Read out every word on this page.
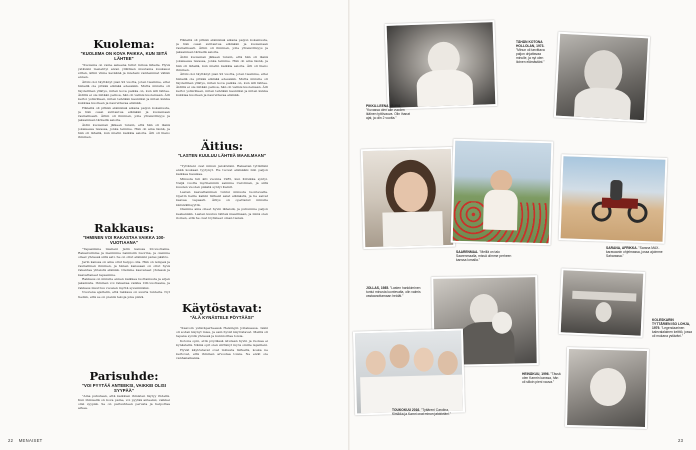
Kuolema:
"KUOLEMA ON KOVA PAIKKA, KUN SIITÄ LÄHTEE"

"Kuolema on vaine askeena tullut minua lähelle. Hyvä ystäväni menehtyi aivan yllättäen muutama kuukausi sitten, äitini viime keväänä ja mieheni vanhemmat vähän ennen.

Äitini oloi täyttänyt pian 92 vuotta, joten tiesinme, ettei hänellä ole pitkää elämää edessään. Mutta minulle oli täydellinen yllätys, miten kova paikka on, kun äiti lähtee. Äidillä ei ole mitään pelkoa, hän oli valmis kuolemaan. Äiti kertoi ystävilleen, miten tehdään kauniiksi ja miten kukka kukkiaa kuolleen ja naurettavaa elämää.

Hänellä oli pitkän elämänsä aikana paljon kokemusta, ja hän osasi suhtautua elämään ja kuolemaan rauhallisesti. Äitini oli ihminen, jolle yhteisöllisyys ja jaksamisen tärkeitä asioita.

Äidin kuoleman jälkeen tunsin, että hän oli läsnä jokaisessa tavassa, jonka teimme. Hän oli aina läsnä, ja hän oli lähellä, kun mietin kaikkia asioita. Äiti oli hieno ihminen.

Rakkaus:
"IHMINEN VOI RAKASTAA VAIKKA 100-VUOTIAANA"

"Tapasimme mieheni Jarin kanssa 20-vuotiaina. Rakastuimme ja menimme naimisiin nuorina, ja olemme olleet yhdessä siitä asti. Se on ollut elämäni paras päätös.

Jarin kanssa on aina ollut helppo olla. Hän on lempeä ja rauhallinen ihminen, ja hänen kanssaan on ollut hyvä rakentaa yhteistä elämää. Olemme kasvaneet yhdessä ja kasvattaneet lapsemme.

Rakkaus on minulle ennen kaikkea luottamusta ja arjen jakamista. Ihminen voi rakastaa vaikka 100-vuotiaana, ja rakkaus muuttuu vuosien myötä syvemmäksi.

Nuorena ajattelin, että rakkaus on suuria tunteita. Nyt tiedän, että se on pieniä tekoja joka päivä.

Parisuhde:
"VOI PYYTÄÄ ANTEEKSI, VAIKKEI OLISI SYYPÄÄ"

"Aina puhutaan, että kaikkien ihmisten täytyy riidellä. Kun ihmisellä on kova paine, voi pyytää anteeksi, vaikkei olisi syypää. Se on parisuhteen perusta ja helpottaa arkea.

Hänellä oli pitkän elämänsä aikana paljon kokemusta, ja hän osasi suhtautua elämään ja kuolemaan rauhallisesti. Äitini oli ihminen, jolle yhteisöllisyys ja jaksamisen tärkeitä asioita.

Äidin kuoleman jälkeen tunsin, että hän oli läsnä jokaisessa tavassa, jonka teimme. Hän oli aina läsnä, ja hän oli lähellä, kun mietin kaikkia asioita. Äiti oli hieno ihminen.

Äitini oloi täyttänyt pian 92 vuotta, joten tiesinme, ettei hänellä ole pitkää elämää edessään. Mutta minulle oli täydellinen yllätys, miten kova paikka on, kun äiti lähtee. Äidillä ei ole mitään pelkoa, hän oli valmis kuolemaan. Äiti kertoi ystävilleen, miten tehdään kauniiksi ja miten kukka kukkiaa kuolleen ja naurettavaa elämää.

Äitius:
"LASTEN KUULUU LÄHTEÄ MAAILMAAN"

"Tyttäreni ovat minun jalokiviäni. Rakastan tyttäriäni enkä koskaan tyytynyt. He tuovat elämääni niin paljon kaikkea hauskaa.

Minusta tuli äiti vuonna 1985, kun Kirsikka syntyi. Neljä vuotta myöhemmin saimme Carolinan, ja siitä kuuden vuoden päästä syntyi Kamri.

Lasten kasvattaminen tuntui minusta luontevalta. Opetin heille kaikki tärkeät asiat elämästä, ja he saivat kasvaa vapaasti. Äitiys on opettanut minulle kärsivällisyyttä.

Olemme aina olleet hyvin läheisiä, ja puhumme paljon keskenään. Lasten kuuluu lähteä maailmaan, ja minä olen iloinen, että he ovat löytäneet oman tiensä.

Käytöstavat:
"ÄLÄ KYNÄSTELE PÖYTÄÄSI"

"Kasvoin ystäväperheessä Helsingin Jollaksessa. Isäni oli sodan käynyt mies, ja sain hyvät käytöstavat. Meillä oli tapana syödä yhdessä ja kunnioittaa toisia.

Kotona opin, että pöydässä istutaan hyvin ja ruokaa ei kynästellä. Nämä opit olen siirtänyt myös omille lapsilleni.

Hyvät käytöstavat ovat minusta tärkeitä, koska ne kertovat, että ihminen arvostaa toisia. Ne eivät ole vanhanaikaisia.

PIKKU-LEENA VAUVA. "Kuvassa olen alle vuoden ikäinen tyttövauva. Olin ihanat ajat, ja olin 2 vuotta."
TÄHÄN KOTONA HOLLOLAN, 1973. "Minun oli tarvittava paljon ohjattavaa minulle, ja nyt olen iloinen elämästäni."
SAARENMAA. "Meillä on talo Saarenmaalla, missä olimme perheen kanssa lomalla."
SARANA, AFRIKKA. "Sarana MAX-karavaanin ohjelmassa, jossa ajoimme Saharassa."
JOLLAS, 1985. "Lasten hankkiminen tuntui minusta luontevalta, olin valmis vastaanottamaan heidät."
KOLESKARIN TYTTÄRIEN ISO LOHJA, 1979. "Legendaarinen kalevalalainen keittiö, jossa oli mukana ystäväni."
TOUKOKUU 2016. "Tyttäreni Carolina, Kirsikka ja Kamri ovat minun jalokiviäni."
HEINÄKUU, 1996. "Tässä olen Kamrin kanssa, hän oli silloin pieni vauva."
22 MENAISET	23
